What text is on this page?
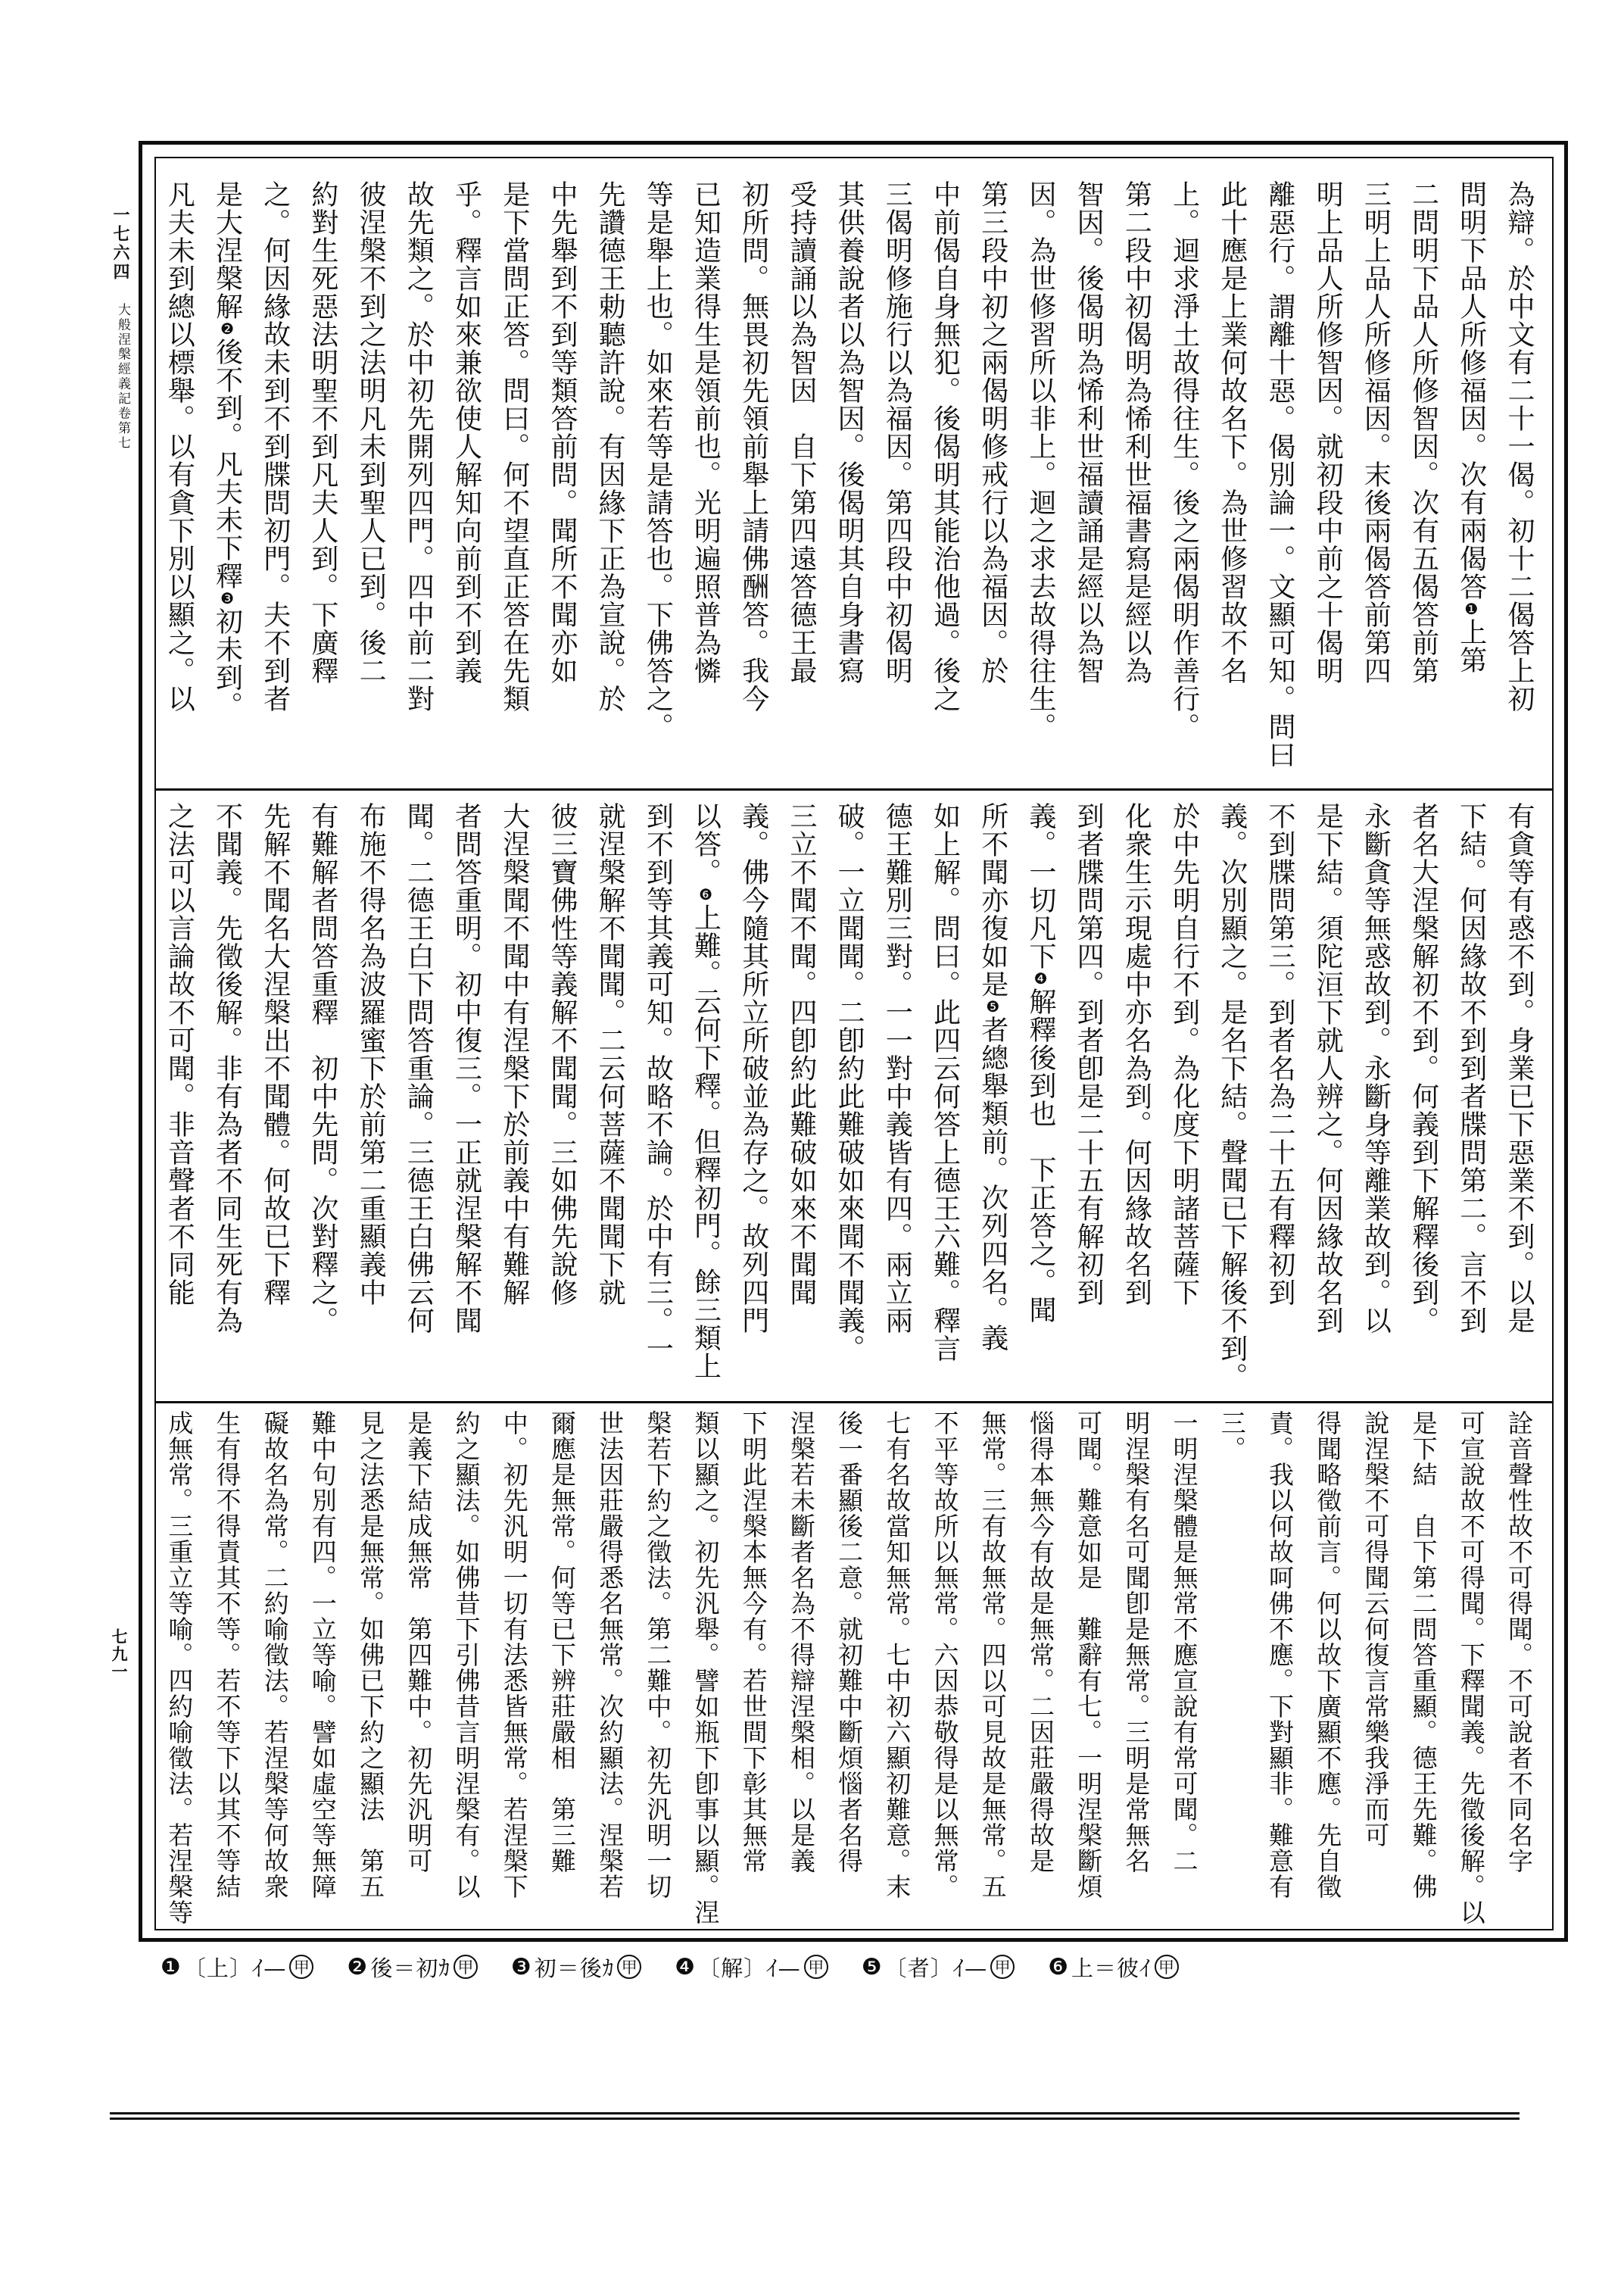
為辯。於中文有二十一偈。初十二偈答上初

問明下品人所修福因。次有兩偈答❶上第

二問明下品人所修智因。次有五偈答前第

三明上品人所修福因。末後兩偈答前第四

明上品人所修智因。就初段中前之十偈明

離惡行。謂離十惡。偈別論一。文顯可知。問曰

此十應是上業何故名下。為世修習故不名

上。迴求淨土故得往生。後之兩偈明作善行。

第二段中初偈明為悕利世福書寫是經以為

智因。後偈明為悕利世福讀誦是經以為智

因。為世修習所以非上。迴之求去故得往生。

第三段中初之兩偈明修戒行以為福因。於

中前偈自身無犯。後偈明其能治他過。後之

三偈明修施行以為福因。第四段中初偈明

其供養說者以為智因。後偈明其自身書寫

受持讀誦以為智因　自下第四遠答德王最

初所問。無畏初先領前舉上請佛酬答。我今

已知造業得生是領前也。光明遍照普為憐

等是舉上也。如來若等是請答也。下佛答之。

先讚德王勅聽許說。有因緣下正為宣說。於

中先舉到不到等類答前問。聞所不聞亦如

是下當問正答。問曰。何不望直正答在先類

乎。釋言如來兼欲使人解知向前到不到義

故先類之。於中初先開列四門。四中前二對

彼涅槃不到之法明凡未到聖人已到。後二

約對生死惡法明聖不到凡夫人到。下廣釋

之。何因緣故未到不到牒問初門。夫不到者

是大涅槃解❷後不到。凡夫未下釋❸初未到。

凡夫未到總以標舉。以有貪下別以顯之。以

有貪等有惑不到。身業已下惡業不到。以是

下結。何因緣故不到到者牒問第二。言不到

者名大涅槃解初不到。何義到下解釋後到。

永斷貪等無惑故到。永斷身等離業故到。以

是下結。須陀洹下就人辨之。何因緣故名到

不到牒問第三。到者名為二十五有釋初到

義。次別顯之。是名下結。聲聞已下解後不到。

於中先明自行不到。為化度下明諸菩薩下

化衆生示現處中亦名為到。何因緣故名到

到者牒問第四。到者卽是二十五有解初到

義。一切凡下❹解釋後到也　下正答之。聞

所不聞亦復如是❺者總舉類前。次列四名。義

如上解。問曰。此四云何答上德王六難。釋言

德王難別三對。一一對中義皆有四。兩立兩

破。一立聞聞。二卽約此難破如來聞不聞義。

三立不聞不聞。四卽約此難破如來不聞聞

義。佛今隨其所立所破並為存之。故列四門

以答。❻上難。云何下釋。但釋初門。餘三類上

到不到等其義可知。故略不論。於中有三。一

就涅槃解不聞聞。二云何菩薩不聞聞下就

彼三寶佛性等義解不聞聞。三如佛先說修

大涅槃聞不聞中有涅槃下於前義中有難解

者問答重明。初中復三。一正就涅槃解不聞

聞。二德王白下問答重論。三德王白佛云何

布施不得名為波羅蜜下於前第二重顯義中

有難解者問答重釋　初中先問。次對釋之。

先解不聞名大涅槃出不聞體。何故已下釋

不聞義。先徵後解。非有為者不同生死有為

之法可以言論故不可聞。非音聲者不同能

詮音聲性故不可得聞。不可說者不同名字

可宣說故不可得聞。下釋聞義。先徵後解。以

是下結　自下第二問答重顯。德王先難。佛

說涅槃不可得聞云何復言常樂我淨而可

得聞略徵前言。何以故下廣顯不應。先自徵

責。我以何故呵佛不應。下對顯非。難意有三。

一明涅槃體是無常不應宣說有常可聞。二

明涅槃有名可聞卽是無常。三明是常無名

可聞。難意如是　難辭有七。一明涅槃斷煩

惱得本無今有故是無常。二因莊嚴得故是

無常。三有故無常。四以可見故是無常。五

不平等故所以無常。六因恭敬得是以無常。

七有名故當知無常。七中初六顯初難意。末

後一番顯後二意。就初難中斷煩惱者名得

涅槃若未斷者名為不得辯涅槃相。以是義

下明此涅槃本無今有。若世間下彰其無常

類以顯之。初先汎舉。譬如瓶下卽事以顯。涅

槃若下約之徵法。第二難中。初先汎明一切

世法因莊嚴得悉名無常。次約顯法。涅槃若

爾應是無常。何等已下辨莊嚴相　第三難

中。初先汎明一切有法悉皆無常。若涅槃下

約之顯法。如佛昔下引佛昔言明涅槃有。以

是義下結成無常　第四難中。初先汎明可

見之法悉是無常。如佛已下約之顯法　第五

難中句別有四。一立等喻。譬如虛空等無障

礙故名為常。二約喻徵法。若涅槃等何故衆

生有得不得責其不等。若不等下以其不等結

成無常。三重立等喻。四約喻徵法。若涅槃等

❶ 〔上〕ｲ— 甲 ❷ 後＝初ｶ 甲 ❸ 初＝後ｶ 甲 ❹ 〔解〕ｲ— 甲 ❺ 〔者〕ｲ— 甲 ❻ 上＝彼ｲ 甲
一七六四
大般涅槃經義記卷第七
七九一
